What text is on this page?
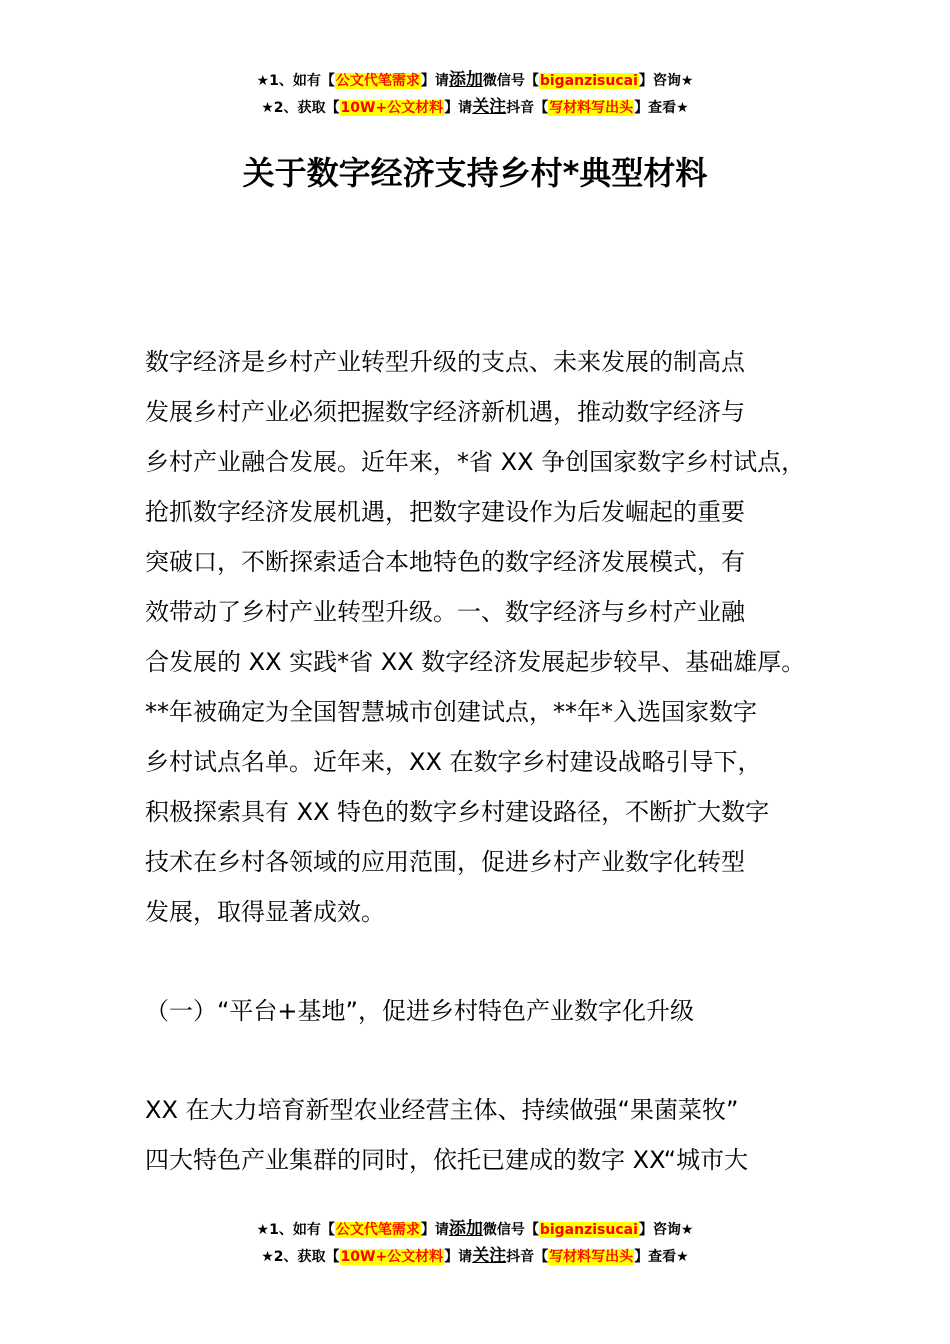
★1、如有【公文代笔需求】请添加微信号【biganzisucai】咨询★
★2、获取【10W+公文材料】请关注抖音【写材料写出头】查看★
关于数字经济支持乡村*典型材料
数字经济是乡村产业转型升级的支点、未来发展的制高点
发展乡村产业必须把握数字经济新机遇，推动数字经济与
乡村产业融合发展。近年来，*省 XX 争创国家数字乡村试点，
抢抓数字经济发展机遇，把数字建设作为后发崛起的重要
突破口，不断探索适合本地特色的数字经济发展模式，有
效带动了乡村产业转型升级。一、数字经济与乡村产业融
合发展的 XX 实践*省 XX 数字经济发展起步较早、基础雄厚。
**年被确定为全国智慧城市创建试点，**年*入选国家数字
乡村试点名单。近年来，XX 在数字乡村建设战略引导下，
积极探索具有 XX 特色的数字乡村建设路径，不断扩大数字
技术在乡村各领域的应用范围，促进乡村产业数字化转型
发展，取得显著成效。
（一）“平台+基地”，促进乡村特色产业数字化升级
XX 在大力培育新型农业经营主体、持续做强“果菌菜牧”
四大特色产业集群的同时，依托已建成的数字 XX“城市大
★1、如有【公文代笔需求】请添加微信号【biganzisucai】咨询★
★2、获取【10W+公文材料】请关注抖音【写材料写出头】查看★
